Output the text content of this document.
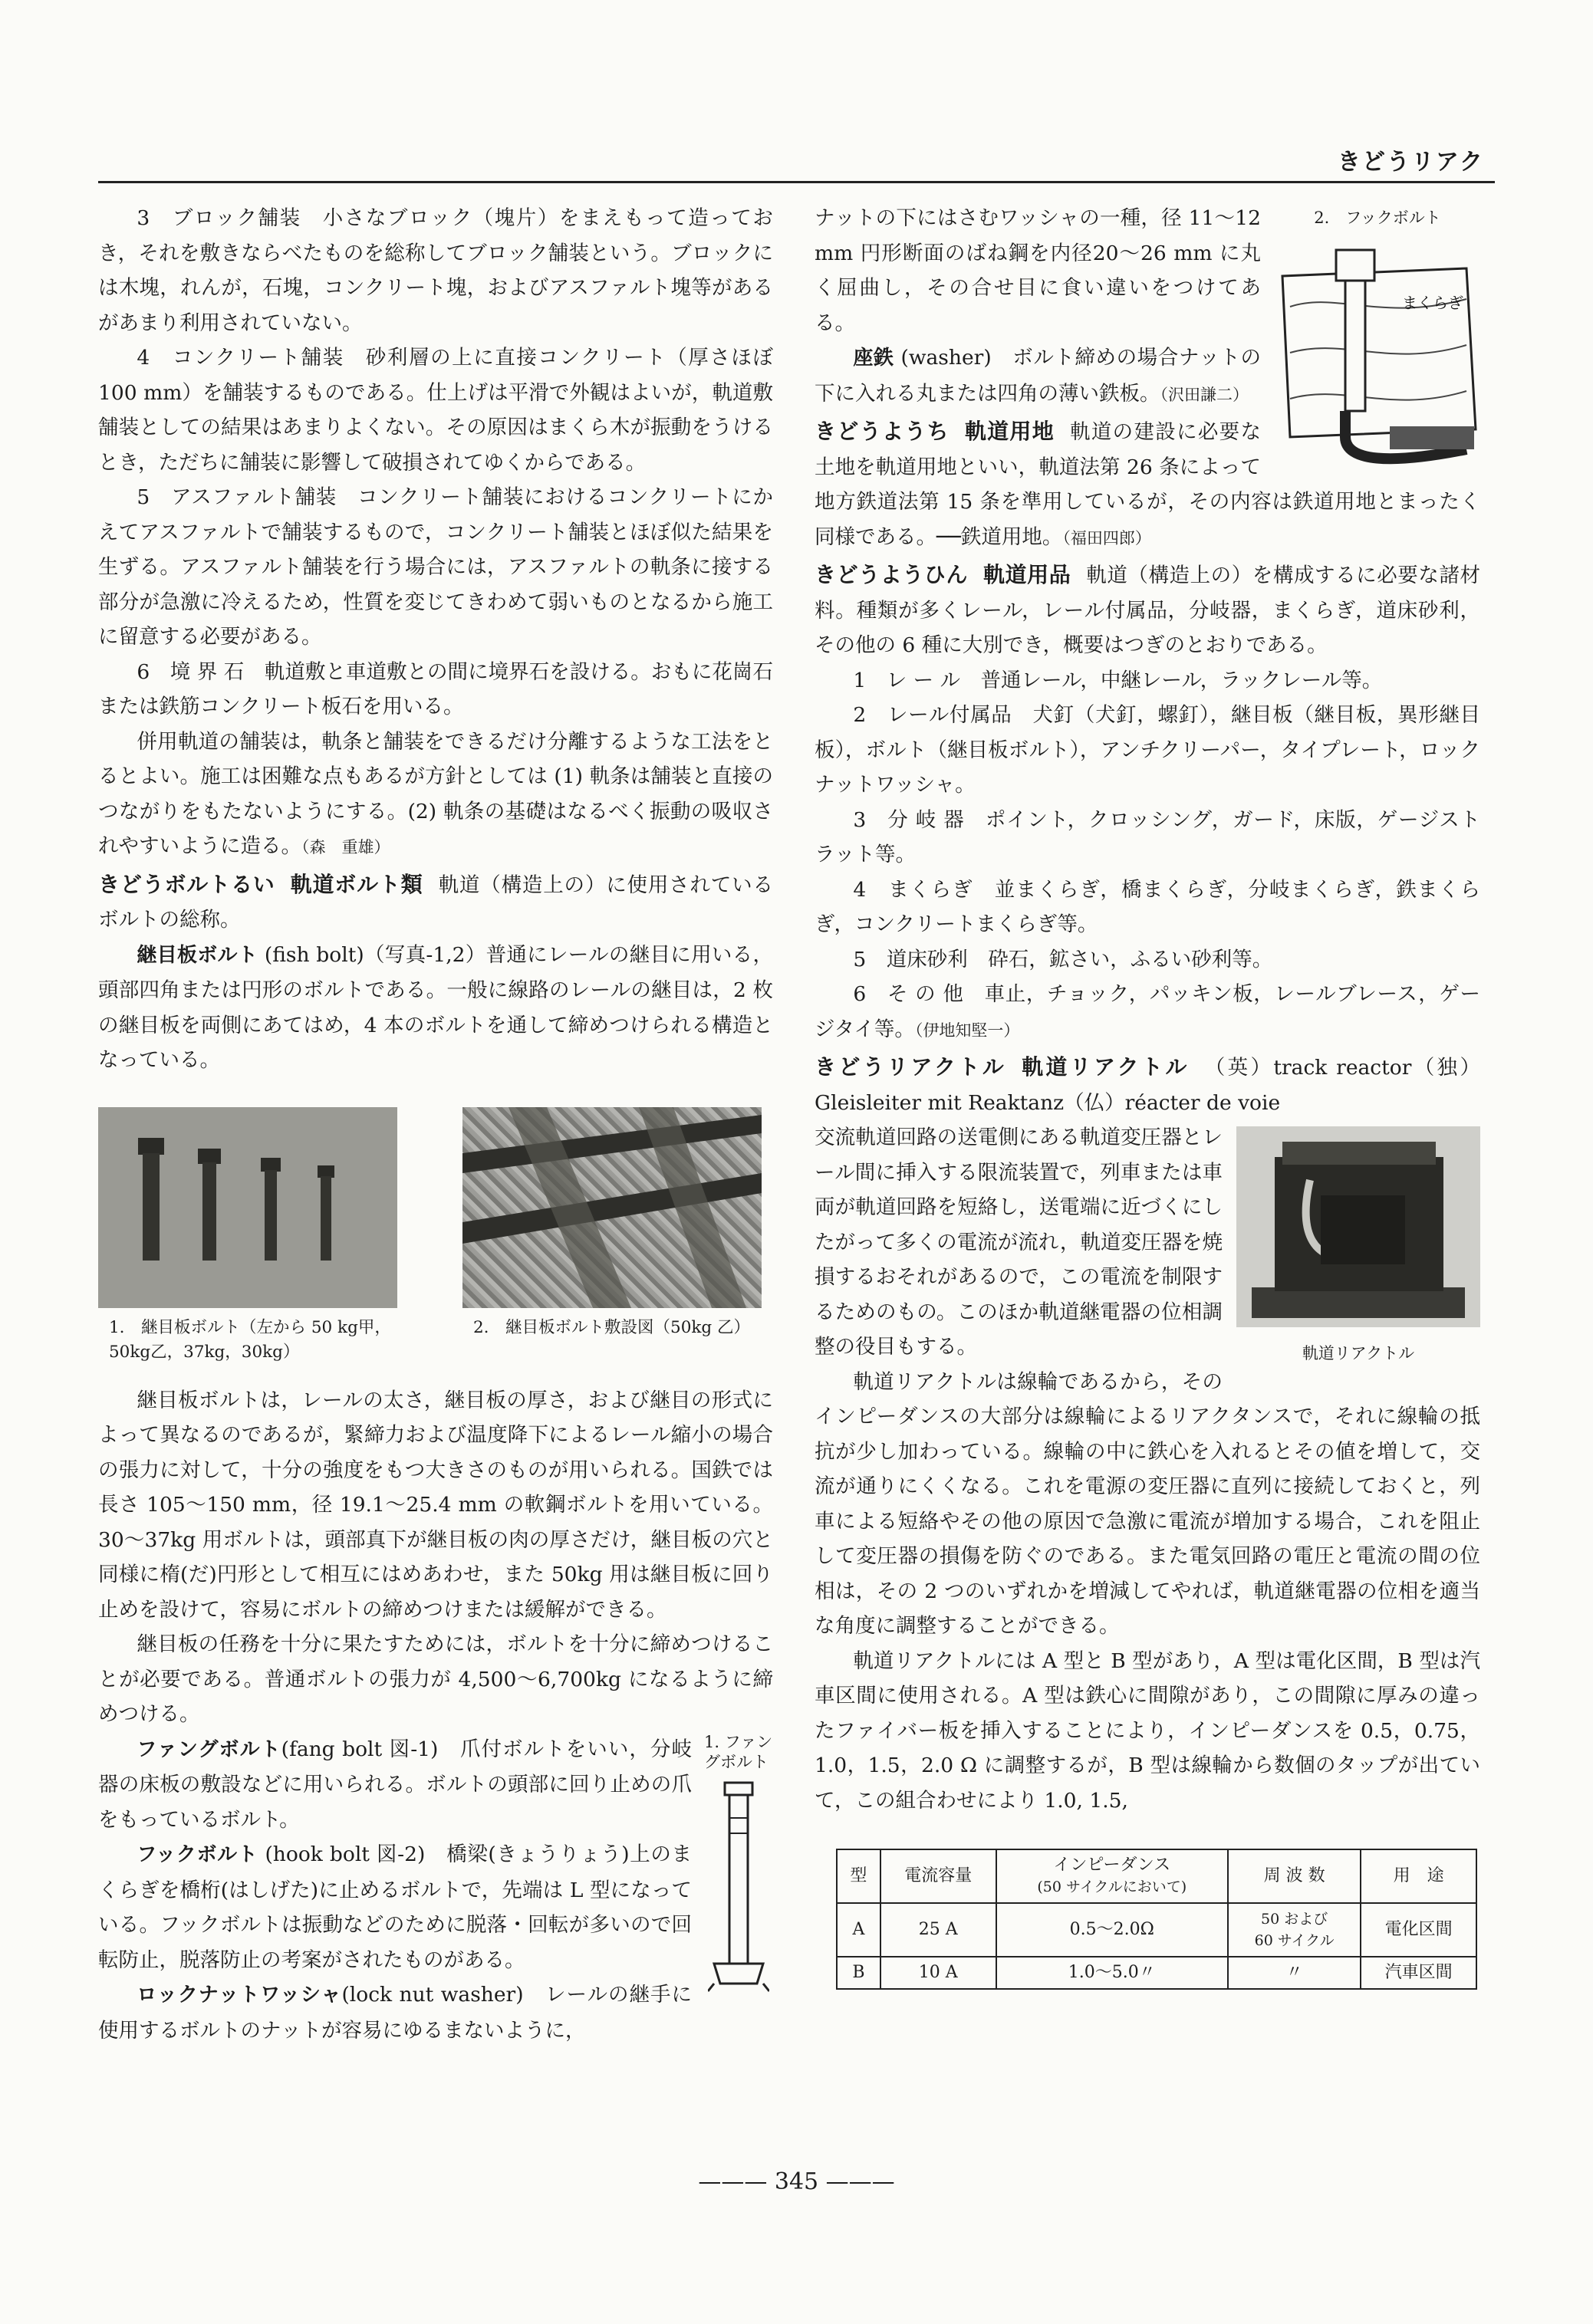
きどうリアク

3　ブロック舗装　小さなブロック（塊片）をまえもって造っておき，それを敷きならべたものを総称してブロック舗装という。ブロックには木塊，れんが，石塊，コンクリート塊，およびアスファルト塊等があるがあまり利用されていない。

4　コンクリート舗装　砂利層の上に直接コンクリート（厚さほぼ 100 mm）を舗装するものである。仕上げは平滑で外観はよいが，軌道敷舗装としての結果はあまりよくない。その原因はまくら木が振動をうけるとき，ただちに舗装に影響して破損されてゆくからである。

5　アスファルト舗装　コンクリート舗装におけるコンクリートにかえてアスファルトで舗装するもので，コンクリート舗装とほぼ似た結果を生ずる。アスファルト舗装を行う場合には，アスファルトの軌条に接する部分が急激に冷えるため，性質を変じてきわめて弱いものとなるから施工に留意する必要がある。

6　境 界 石　軌道敷と車道敷との間に境界石を設ける。おもに花崗石または鉄筋コンクリート板石を用いる。

併用軌道の舗装は，軌条と舗装をできるだけ分離するような工法をとるとよい。施工は困難な点もあるが方針としては (1) 軌条は舗装と直接のつながりをもたないようにする。(2) 軌条の基礎はなるべく振動の吸収されやすいように造る。（森　重雄）

きどうボルトるい 軌道ボルト類 軌道（構造上の）に使用されているボルトの総称。

継目板ボルト (fish bolt)（写真-1,2）普通にレールの継目に用いる，頭部四角または円形のボルトである。一般に線路のレールの継目は，2 枚の継目板を両側にあてはめ，4 本のボルトを通して締めつけられる構造となっている。

1.　継目板ボルト（左から 50 kg甲，50kg乙，37kg，30kg）
2.　継目板ボルト敷設図（50kg 乙）

継目板ボルトは，レールの太さ，継目板の厚さ，および継目の形式によって異なるのであるが，緊締力および温度降下によるレール縮小の場合の張力に対して，十分の強度をもつ大きさのものが用いられる。国鉄では長さ 105～150 mm，径 19.1～25.4 mm の軟鋼ボルトを用いている。30～37kg 用ボルトは，頭部真下が継目板の肉の厚さだけ，継目板の穴と同様に楕(だ)円形として相互にはめあわせ，また 50kg 用は継目板に回り止めを設けて，容易にボルトの締めつけまたは緩解ができる。

継目板の任務を十分に果たすためには，ボルトを十分に締めつけることが必要である。普通ボルトの張力が 4,500～6,700kg になるように締めつける。

1. ファングボルト

ファングボルト(fang bolt 図-1)　爪付ボルトをいい，分岐器の床板の敷設などに用いられる。ボルトの頭部に回り止めの爪をもっているボルト。

フックボルト (hook bolt 図-2)　橋梁(きょうりょう)上のまくらぎを橋桁(はしげた)に止めるボルトで，先端は L 型になっている。フックボルトは振動などのために脱落・回転が多いので回転防止，脱落防止の考案がされたものがある。

ロックナットワッシャ(lock nut washer)　レールの継手に使用するボルトのナットが容易にゆるまないように，

2.　フックボルト
まくらぎ

ナットの下にはさむワッシャの一種，径 11～12 mm 円形断面のばね鋼を内径20～26 mm に丸く屈曲し，その合せ目に食い違いをつけてある。

座鉄 (washer)　ボルト締めの場合ナットの下に入れる丸または四角の薄い鉄板。（沢田謙二）

きどうようち 軌道用地 軌道の建設に必要な土地を軌道用地といい，軌道法第 26 条によって地方鉄道法第 15 条を準用しているが，その内容は鉄道用地とまったく同様である。──鉄道用地。（福田四郎）

きどうようひん 軌道用品 軌道（構造上の）を構成するに必要な諸材料。種類が多くレール，レール付属品，分岐器，まくらぎ，道床砂利，その他の 6 種に大別でき，概要はつぎのとおりである。

1　レ ー ル　普通レール，中継レール，ラックレール等。

2　レール付属品　犬釘（犬釘，螺釘），継目板（継目板，異形継目板），ボルト（継目板ボルト），アンチクリーパー，タイプレート，ロックナットワッシャ。

3　分 岐 器　ポイント，クロッシング，ガード，床版，ゲージストラット等。

4　まくらぎ　並まくらぎ，橋まくらぎ，分岐まくらぎ，鉄まくらぎ，コンクリートまくらぎ等。

5　道床砂利　砕石，鉱さい，ふるい砂利等。

6　そ の 他　車止，チョック，パッキン板，レールブレース，ゲージタイ等。（伊地知堅一）

きどうリアクトル 軌道リアクトル （英）track reactor（独）Gleisleiter mit Reaktanz（仏）réacter de voie

軌道リアクトル

交流軌道回路の送電側にある軌道変圧器とレール間に挿入する限流装置で，列車または車両が軌道回路を短絡し，送電端に近づくにしたがって多くの電流が流れ，軌道変圧器を焼損するおそれがあるので，この電流を制限するためのもの。このほか軌道継電器の位相調整の役目もする。

軌道リアクトルは線輪であるから，そのインピーダンスの大部分は線輪によるリアクタンスで，それに線輪の抵抗が少し加わっている。線輪の中に鉄心を入れるとその値を増して，交流が通りにくくなる。これを電源の変圧器に直列に接続しておくと，列車による短絡やその他の原因で急激に電流が増加する場合，これを阻止して変圧器の損傷を防ぐのである。また電気回路の電圧と電流の間の位相は，その 2 つのいずれかを増減してやれば，軌道継電器の位相を適当な角度に調整することができる。

軌道リアクトルには A 型と B 型があり，A 型は電化区間，B 型は汽車区間に使用される。A 型は鉄心に間隙があり，この間隙に厚みの違ったファイバー板を挿入することにより，インピーダンスを 0.5，0.75，1.0，1.5，2.0 Ω に調整するが，B 型は線輪から数個のタップが出ていて，この組合わせにより 1.0, 1.5,

型	電流容量	インピーダンス
(50 サイクルにおいて)	周 波 数	用　途
A	25 A	0.5～2.0Ω	50 および
60 サイクル	電化区間
B	10 A	1.0～5.0〃	〃	汽車区間
——— 345 ———
